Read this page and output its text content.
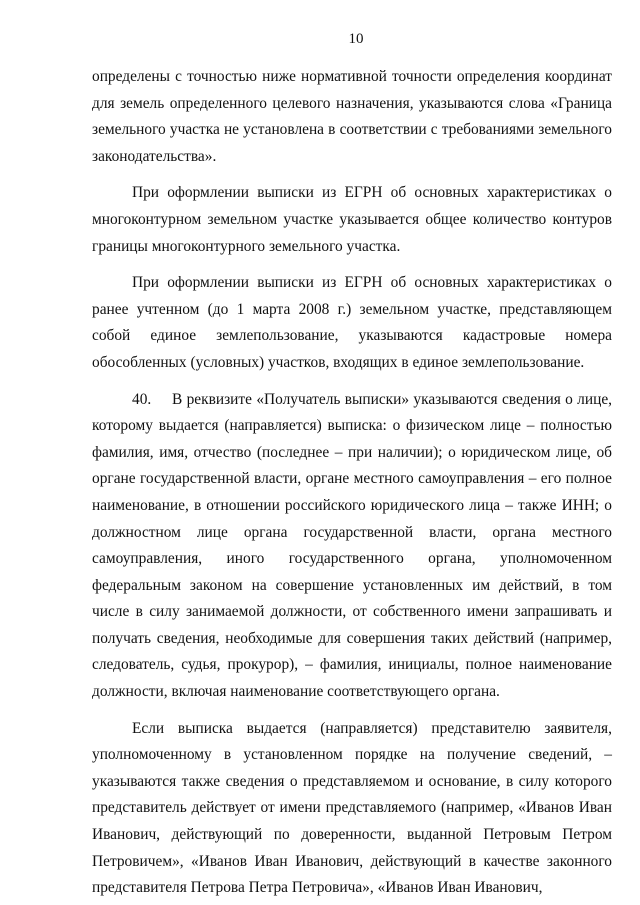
10

определены с точностью ниже нормативной точности определения координат для земель определенного целевого назначения, указываются слова «Граница земельного участка не установлена в соответствии с требованиями земельного законодательства».

При оформлении выписки из ЕГРН об основных характеристиках о многоконтурном земельном участке указывается общее количество контуров границы многоконтурного земельного участка.

При оформлении выписки из ЕГРН об основных характеристиках о ранее учтенном (до 1 марта 2008 г.) земельном участке, представляющем собой единое землепользование, указываются кадастровые номера обособленных (условных) участков, входящих в единое землепользование.

40. В реквизите «Получатель выписки» указываются сведения о лице, которому выдается (направляется) выписка: о физическом лице – полностью фамилия, имя, отчество (последнее – при наличии); о юридическом лице, об органе государственной власти, органе местного самоуправления – его полное наименование, в отношении российского юридического лица – также ИНН; о должностном лице органа государственной власти, органа местного самоуправления, иного государственного органа, уполномоченном федеральным законом на совершение установленных им действий, в том числе в силу занимаемой должности, от собственного имени запрашивать и получать сведения, необходимые для совершения таких действий (например, следователь, судья, прокурор), – фамилия, инициалы, полное наименование должности, включая наименование соответствующего органа.

Если выписка выдается (направляется) представителю заявителя, уполномоченному в установленном порядке на получение сведений, – указываются также сведения о представляемом и основание, в силу которого представитель действует от имени представляемого (например, «Иванов Иван Иванович, действующий по доверенности, выданной Петровым Петром Петровичем», «Иванов Иван Иванович, действующий в качестве законного представителя Петрова Петра Петровича», «Иванов Иван Иванович,
